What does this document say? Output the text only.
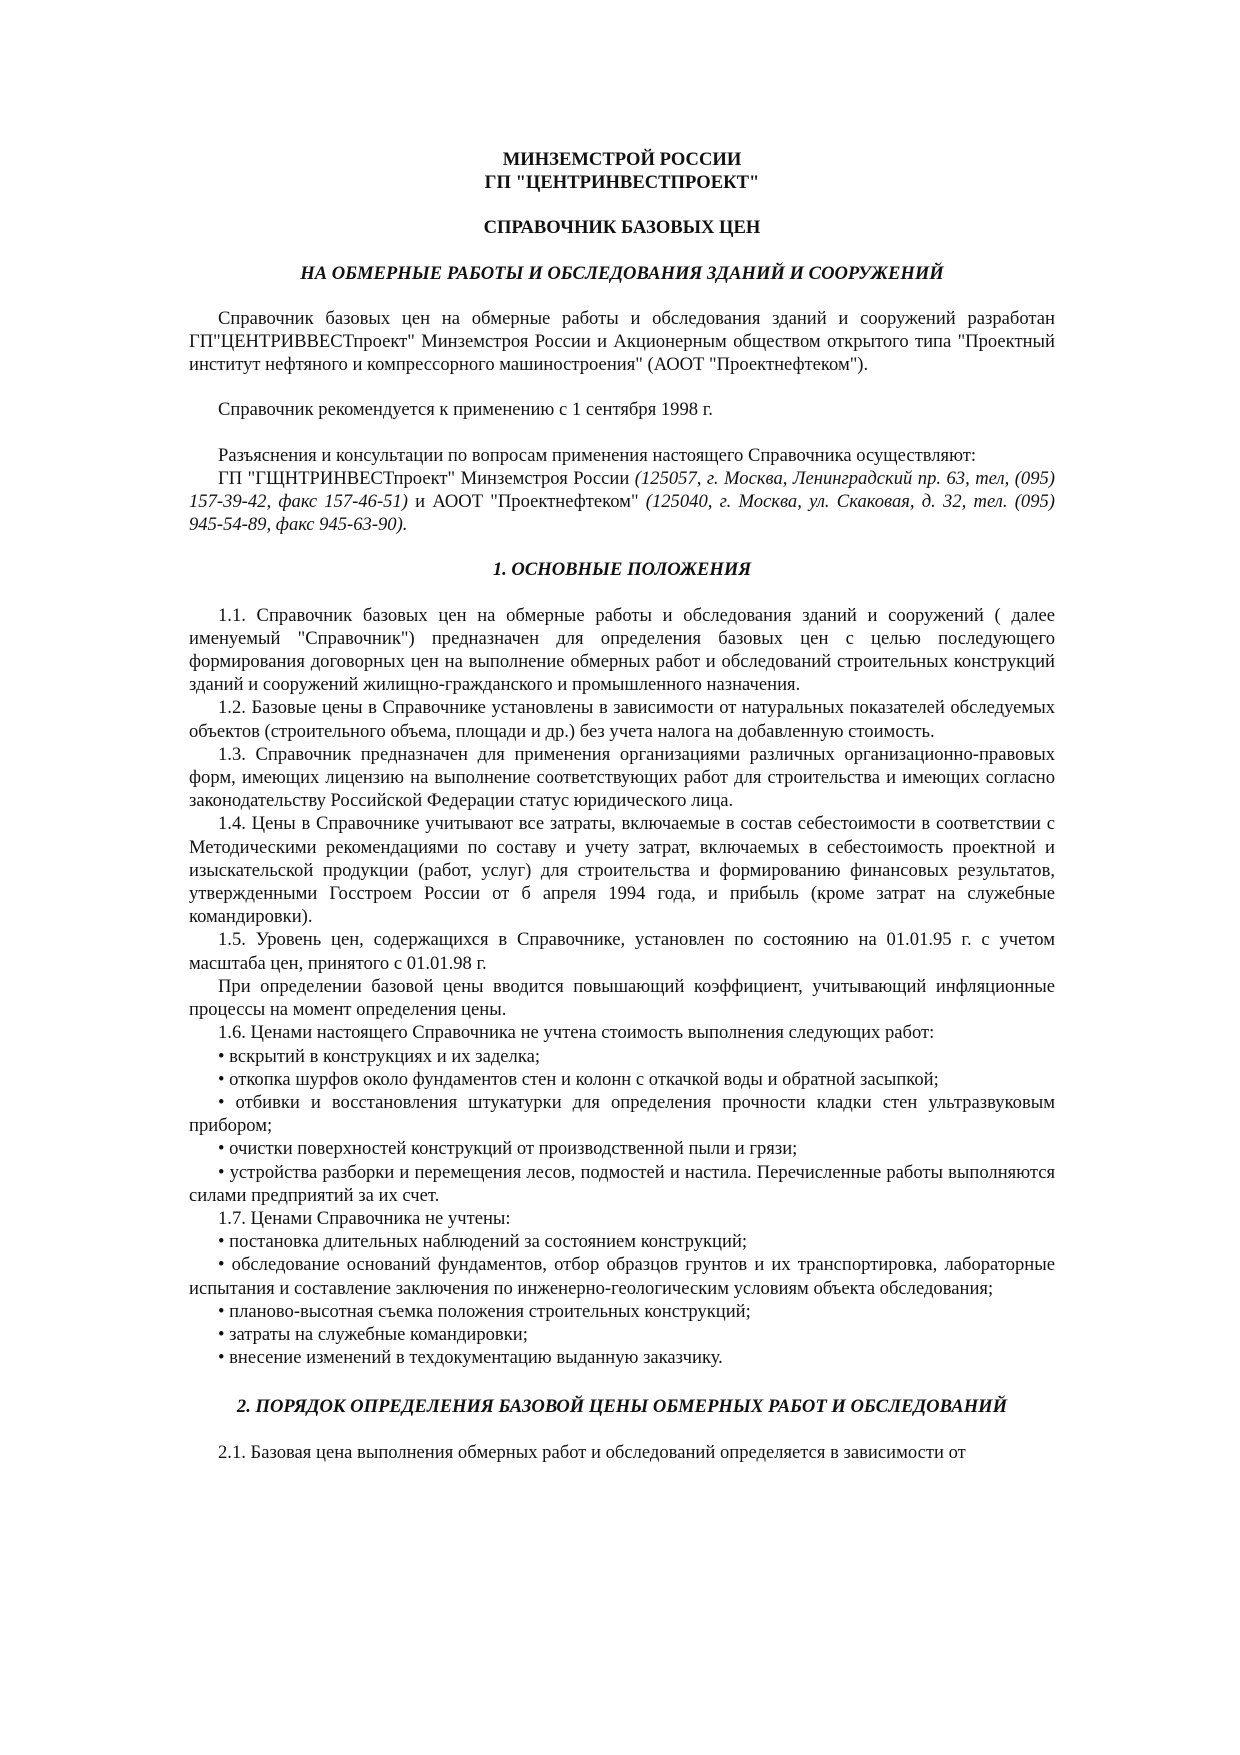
МИНЗЕМСТРОЙ РОССИИ
ГП "ЦЕНТРИНВЕСТПРОЕКТ"
СПРАВОЧНИК БАЗОВЫХ ЦЕН
НА ОБМЕРНЫЕ РАБОТЫ И ОБСЛЕДОВАНИЯ ЗДАНИЙ И СООРУЖЕНИЙ

Справочник базовых цен на обмерные работы и обследования зданий и сооружений разработан ГП"ЦЕНТРИВВЕСТпроект" Минземстроя России и Акционерным обществом открытого типа "Проектный институт нефтяного и компрессорного машиностроения" (АООТ "Проектнефтеком").

Справочник рекомендуется к применению с 1 сентября 1998 г.

Разъяснения и консультации по вопросам применения настоящего Справочника осуществляют:

ГП "ГЩНТРИНВЕСТпроект" Минземстроя России (125057, г. Москва, Ленинградский пр. 63, тел, (095) 157-39-42, факс 157-46-51) и АООТ "Проектнефтеком" (125040, г. Москва, ул. Скаковая, д. 32, тел. (095) 945-54-89, факс 945-63-90).

1. ОСНОВНЫЕ ПОЛОЖЕНИЯ

1.1. Справочник базовых цен на обмерные работы и обследования зданий и сооружений ( далее именуемый "Справочник") предназначен для определения базовых цен с целью последующего формирования договорных цен на выполнение обмерных работ и обследований строительных конструкций зданий и сооружений жилищно-гражданского и промышленного назначения.

1.2. Базовые цены в Справочнике установлены в зависимости от натуральных показателей обследуемых объектов (строительного объема, площади и др.) без учета налога на добавленную стоимость.

1.3. Справочник предназначен для применения организациями различных организационно-правовых форм, имеющих лицензию на выполнение соответствующих работ для строительства и имеющих согласно законодательству Российской Федерации статус юридического лица.

1.4. Цены в Справочнике учитывают все затраты, включаемые в состав себестоимости в соответствии с Методическими рекомендациями по составу и учету затрат, включаемых в себестоимость проектной и изыскательской продукции (работ, услуг) для строительства и формированию финансовых результатов, утвержденными Госстроем России от б апреля 1994 года, и прибыль (кроме затрат на служебные командировки).

1.5. Уровень цен, содержащихся в Справочнике, установлен по состоянию на 01.01.95 г. с учетом масштаба цен, принятого с 01.01.98 г.

При определении базовой цены вводится повышающий коэффициент, учитывающий инфляционные процессы на момент определения цены.

1.6. Ценами настоящего Справочника не учтена стоимость выполнения следующих работ:

• вскрытий в конструкциях и их заделка;

• откопка шурфов около фундаментов стен и колонн с откачкой воды и обратной засыпкой;

• отбивки и восстановления штукатурки для определения прочности кладки стен ультразвуковым прибором;

• очистки поверхностей конструкций от производственной пыли и грязи;

• устройства разборки и перемещения лесов, подмостей и настила. Перечисленные работы выполняются силами предприятий за их счет.

1.7. Ценами Справочника не учтены:

• постановка длительных наблюдений за состоянием конструкций;

• обследование оснований фундаментов, отбор образцов грунтов и их транспортировка, лабораторные испытания и составление заключения по инженерно-геологическим условиям объекта обследования;

• планово-высотная съемка положения строительных конструкций;

• затраты на служебные командировки;

• внесение изменений в техдокументацию выданную заказчику.

2. ПОРЯДОК ОПРЕДЕЛЕНИЯ БАЗОВОЙ ЦЕНЫ ОБМЕРНЫХ РАБОТ И ОБСЛЕДОВАНИЙ

2.1. Базовая цена выполнения обмерных работ и обследований определяется в зависимости от
